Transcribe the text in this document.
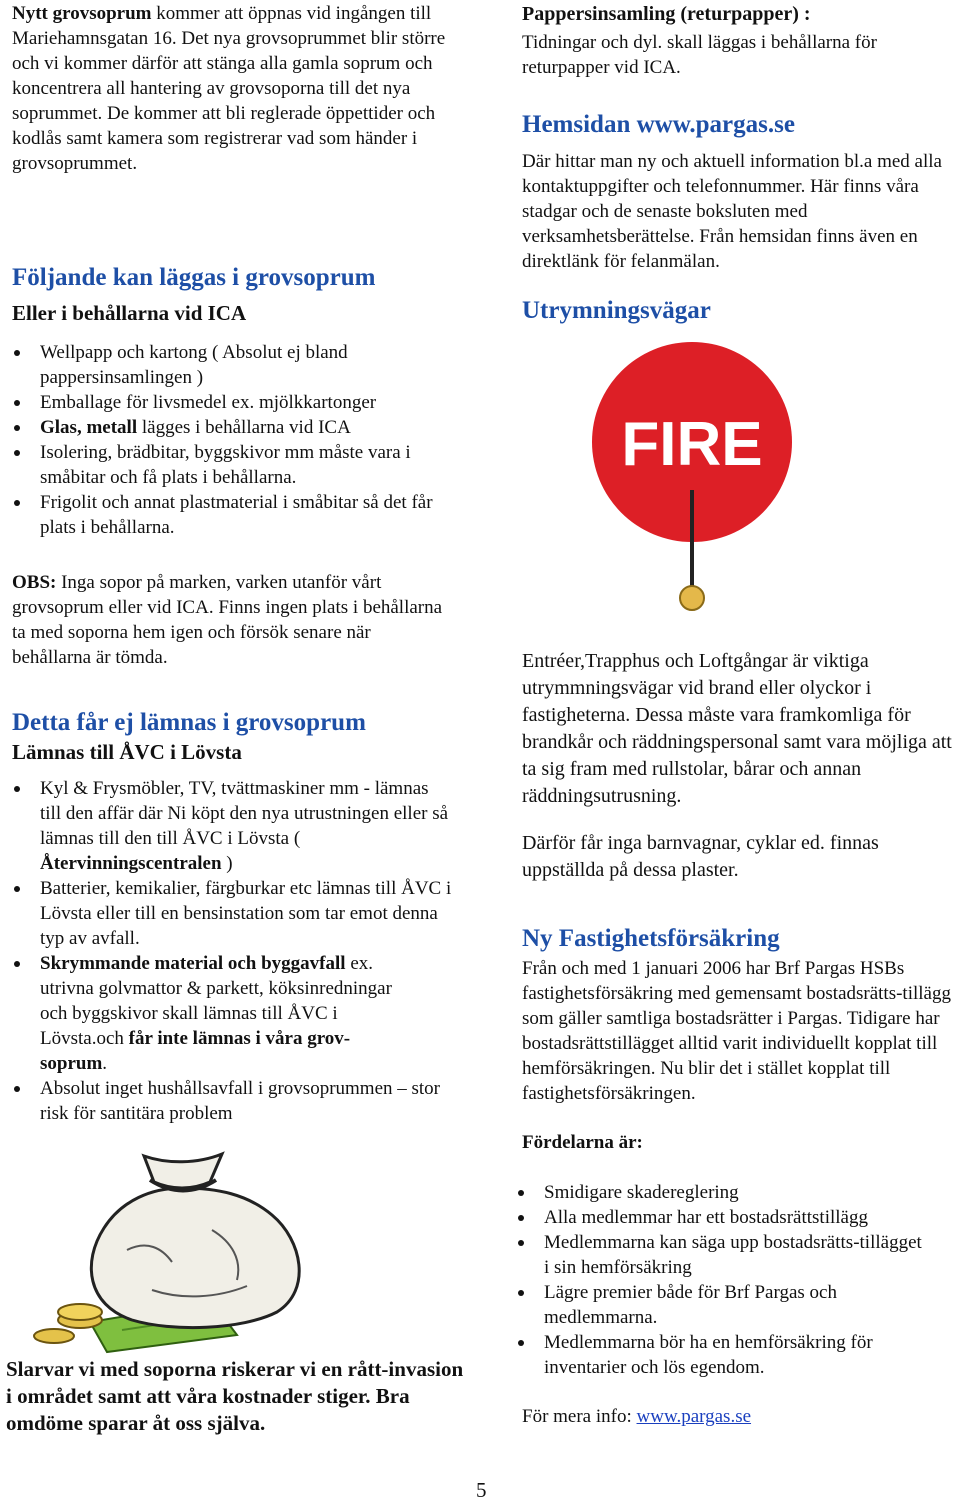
Nytt grovsoprum kommer att öppnas vid ingången till Mariehamnsgatan 16. Det nya grovsoprummet blir större och vi kommer därför att stänga alla gamla soprum och koncentrera all hantering av grovsoporna till det nya soprummet. De kommer att bli reglerade öppettider och kodlås samt kamera som registrerar vad som händer i grovsoprummet.
Följande kan läggas i grovsoprum
Eller i behållarna vid ICA
Wellpapp och kartong ( Absolut ej bland pappersinsamlingen )
Emballage för livsmedel ex. mjölkkartonger
Glas, metall lägges i behållarna vid ICA
Isolering, brädbitar, byggskivor mm måste vara i småbitar och få plats i behållarna.
Frigolit och annat plastmaterial i småbitar så det får plats i behållarna.
OBS: Inga sopor på marken, varken utanför vårt grovsoprum eller vid ICA. Finns ingen plats i behållarna ta med soporna hem igen och försök senare när behållarna är tömda.
Detta får ej lämnas i grovsoprum
Lämnas till ÅVC i Lövsta
Kyl & Frysmöbler, TV, tvättmaskiner mm - lämnas till den affär där Ni köpt den nya utrustningen eller så lämnas till den till ÅVC i Lövsta ( Återvinningscentralen )
Batterier, kemikalier, färgburkar etc lämnas till ÅVC i Lövsta eller till en bensinstation som tar emot denna typ av avfall.
Skrymmande material och byggavfall ex. utrivna golvmattor & parkett, köksinredningar och byggskivor skall lämnas till ÅVC i Lövsta.och får inte lämnas i våra grov-soprum.
Absolut inget hushållsavfall i grovsoprummen – stor risk för santitära problem
Slarvar vi med soporna riskerar vi en rått-invasion i området samt att våra kostnader stiger. Bra omdöme sparar åt oss själva.
Pappersinsamling (returpapper) :
Tidningar och dyl. skall läggas i behållarna för returpapper vid ICA.
Hemsidan www.pargas.se
Där hittar man ny och aktuell information bl.a med alla kontaktuppgifter och telefonnummer. Här finns våra stadgar och de senaste boksluten med verksamhetsberättelse. Från hemsidan finns även en direktlänk för felanmälan.
Utrymningsvägar
FIRE
Entréer,Trapphus och Loftgångar är viktiga utrymmningsvägar vid brand eller olyckor i fastigheterna. Dessa måste vara framkomliga för brandkår och räddningspersonal samt vara möjliga att ta sig fram med rullstolar, bårar och annan räddningsutrusning.
Därför får inga barnvagnar, cyklar ed. finnas uppställda på dessa plaster.
Ny Fastighetsförsäkring
Från och med 1 januari 2006 har Brf Pargas HSBs fastighetsförsäkring med gemensamt bostadsrätts-tillägg som gäller samtliga bostadsrätter i Pargas. Tidigare har bostadsrättstillägget alltid varit individuellt kopplat till hemförsäkringen. Nu blir det i stället kopplat till fastighetsförsäkringen.
Fördelarna är:
Smidigare skadereglering
Alla medlemmar har ett bostadsrättstillägg
Medlemmarna kan säga upp bostadsrätts-tillägget i sin hemförsäkring
Lägre premier både för Brf Pargas och medlemmarna.
Medlemmarna bör ha en hemförsäkring för inventarier och lös egendom.
För mera info: www.pargas.se
5
